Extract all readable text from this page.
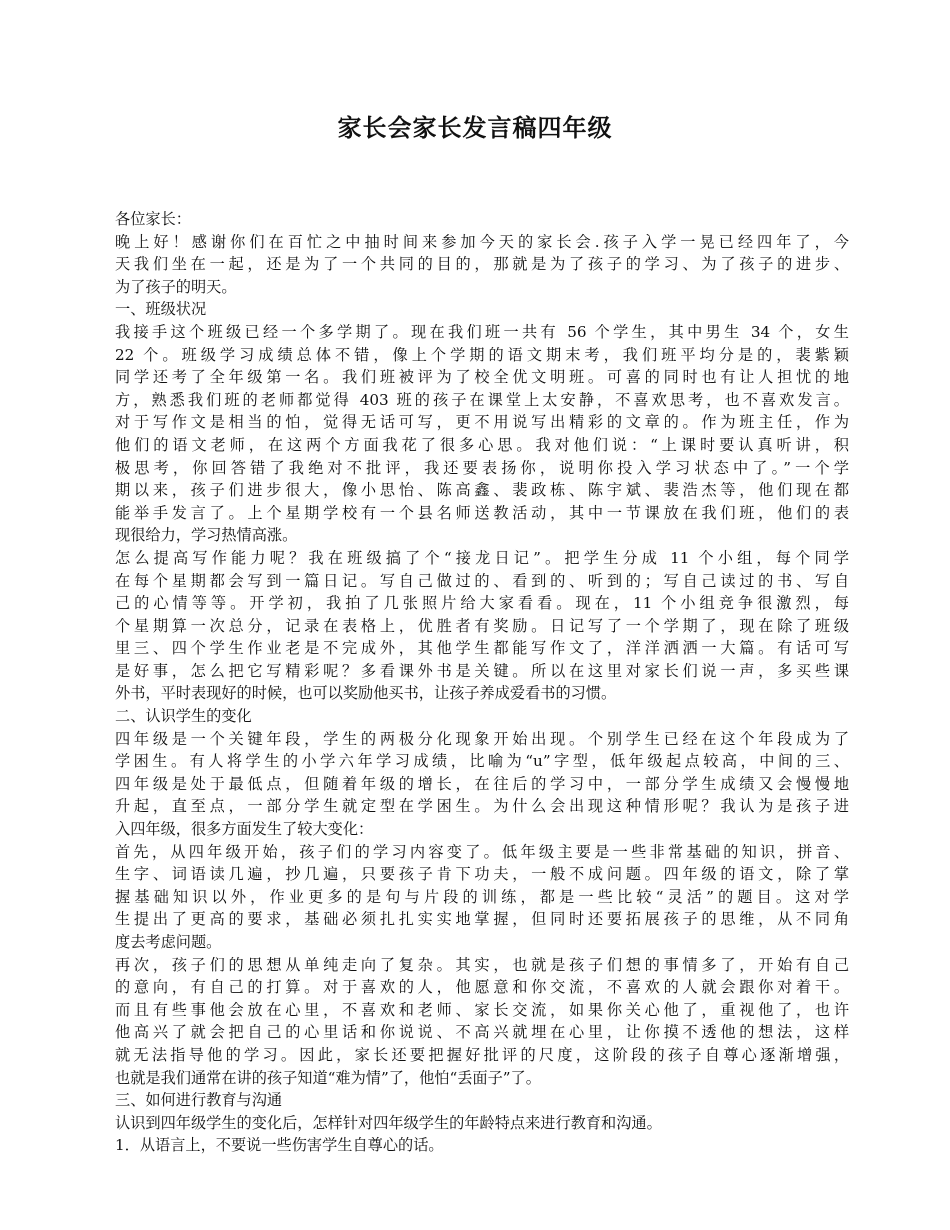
家长会家长发言稿四年级
各位家长：
晚上好！感谢你们在百忙之中抽时间来参加今天的家长会.孩子入学一晃已经四年了，今
天我们坐在一起，还是为了一个共同的目的，那就是为了孩子的学习、为了孩子的进步、
为了孩子的明天。
一、班级状况
我接手这个班级已经一个多学期了。现在我们班一共有 56 个学生，其中男生 34 个，女生
22 个。班级学习成绩总体不错，像上个学期的语文期末考，我们班平均分是的，裴紫颖
同学还考了全年级第一名。我们班被评为了校全优文明班。可喜的同时也有让人担忧的地
方，熟悉我们班的老师都觉得 403 班的孩子在课堂上太安静，不喜欢思考，也不喜欢发言。
对于写作文是相当的怕，觉得无话可写，更不用说写出精彩的文章的。作为班主任，作为
他们的语文老师，在这两个方面我花了很多心思。我对他们说：“上课时要认真听讲，积
极思考，你回答错了我绝对不批评，我还要表扬你，说明你投入学习状态中了。”一个学
期以来，孩子们进步很大，像小思怡、陈高鑫、裴政栋、陈宇斌、裴浩杰等，他们现在都
能举手发言了。上个星期学校有一个县名师送教活动，其中一节课放在我们班，他们的表
现很给力，学习热情高涨。
怎么提高写作能力呢？我在班级搞了个“接龙日记”。把学生分成 11 个小组，每个同学
在每个星期都会写到一篇日记。写自己做过的、看到的、听到的；写自己读过的书、写自
己的心情等等。开学初，我拍了几张照片给大家看看。现在，11 个小组竞争很激烈，每
个星期算一次总分，记录在表格上，优胜者有奖励。日记写了一个学期了，现在除了班级
里三、四个学生作业老是不完成外，其他学生都能写作文了，洋洋洒洒一大篇。有话可写
是好事，怎么把它写精彩呢？多看课外书是关键。所以在这里对家长们说一声，多买些课
外书，平时表现好的时候，也可以奖励他买书，让孩子养成爱看书的习惯。
二、认识学生的变化
四年级是一个关键年段，学生的两极分化现象开始出现。个别学生已经在这个年段成为了
学困生。有人将学生的小学六年学习成绩，比喻为“u”字型，低年级起点较高，中间的三、
四年级是处于最低点，但随着年级的增长，在往后的学习中，一部分学生成绩又会慢慢地
升起，直至点，一部分学生就定型在学困生。为什么会出现这种情形呢？我认为是孩子进
入四年级，很多方面发生了较大变化：
首先，从四年级开始，孩子们的学习内容变了。低年级主要是一些非常基础的知识，拼音、
生字、词语读几遍，抄几遍，只要孩子肯下功夫，一般不成问题。四年级的语文，除了掌
握基础知识以外，作业更多的是句与片段的训练，都是一些比较“灵活”的题目。这对学
生提出了更高的要求，基础必须扎扎实实地掌握，但同时还要拓展孩子的思维，从不同角
度去考虑问题。
再次，孩子们的思想从单纯走向了复杂。其实，也就是孩子们想的事情多了，开始有自己
的意向，有自己的打算。对于喜欢的人，他愿意和你交流，不喜欢的人就会跟你对着干。
而且有些事他会放在心里，不喜欢和老师、家长交流，如果你关心他了，重视他了，也许
他高兴了就会把自己的心里话和你说说、不高兴就埋在心里，让你摸不透他的想法，这样
就无法指导他的学习。因此，家长还要把握好批评的尺度，这阶段的孩子自尊心逐渐增强，
也就是我们通常在讲的孩子知道“难为情”了，他怕“丢面子”了。
三、如何进行教育与沟通
认识到四年级学生的变化后，怎样针对四年级学生的年龄特点来进行教育和沟通。
1．从语言上，不要说一些伤害学生自尊心的话。
